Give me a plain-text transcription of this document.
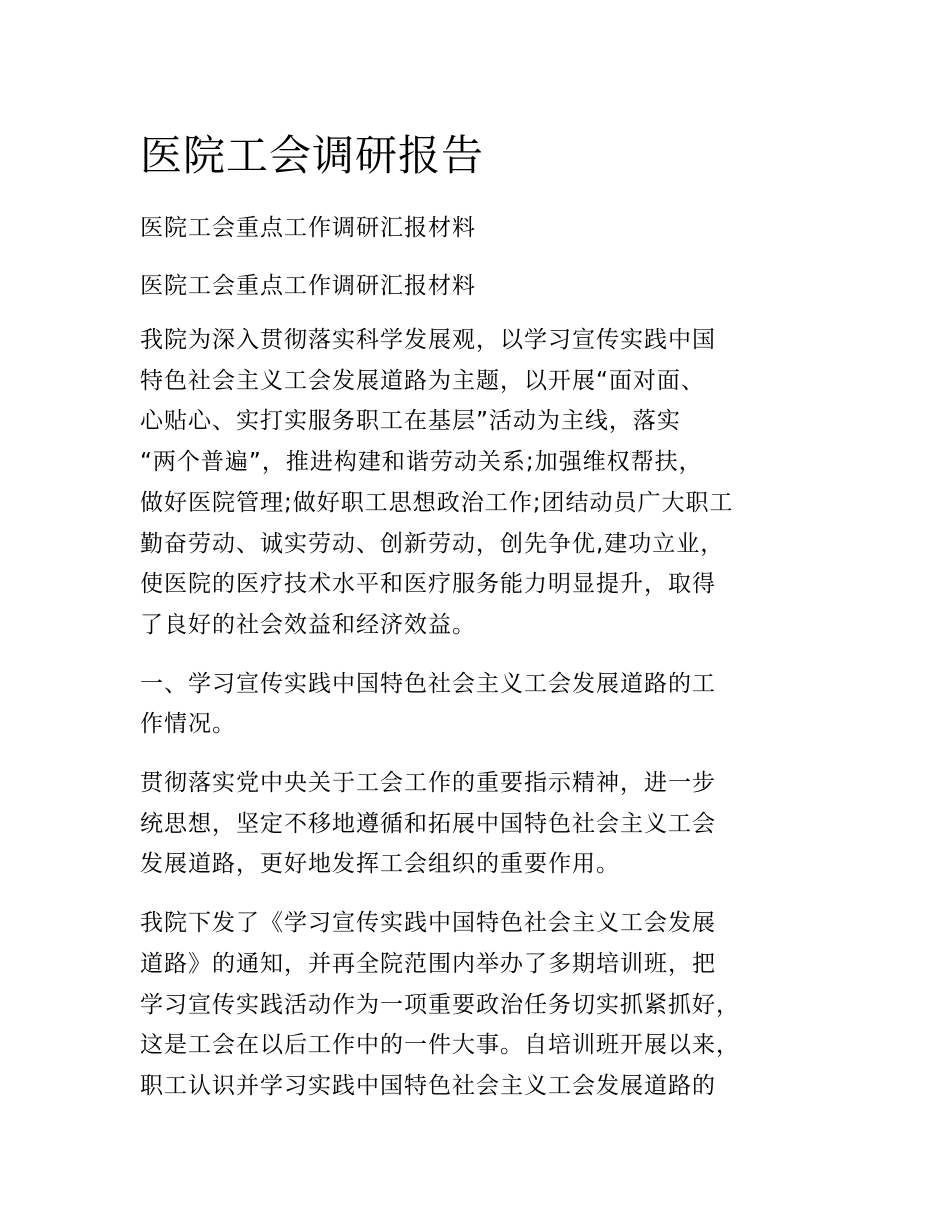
医院工会调研报告

医院工会重点工作调研汇报材料

医院工会重点工作调研汇报材料

我院为深入贯彻落实科学发展观，以学习宣传实践中国
特色社会主义工会发展道路为主题，以开展“面对面、
心贴心、实打实服务职工在基层”活动为主线，落实
“两个普遍”，推进构建和谐劳动关系;加强维权帮扶，
做好医院管理;做好职工思想政治工作;团结动员广大职工
勤奋劳动、诚实劳动、创新劳动，创先争优,建功立业，
使医院的医疗技术水平和医疗服务能力明显提升，取得
了良好的社会效益和经济效益。

一、学习宣传实践中国特色社会主义工会发展道路的工
作情况。

贯彻落实党中央关于工会工作的重要指示精神，进一步
统思想，坚定不移地遵循和拓展中国特色社会主义工会
发展道路，更好地发挥工会组织的重要作用。

我院下发了《学习宣传实践中国特色社会主义工会发展
道路》的通知，并再全院范围内举办了多期培训班，把
学习宣传实践活动作为一项重要政治任务切实抓紧抓好，
这是工会在以后工作中的一件大事。自培训班开展以来，
职工认识并学习实践中国特色社会主义工会发展道路的
